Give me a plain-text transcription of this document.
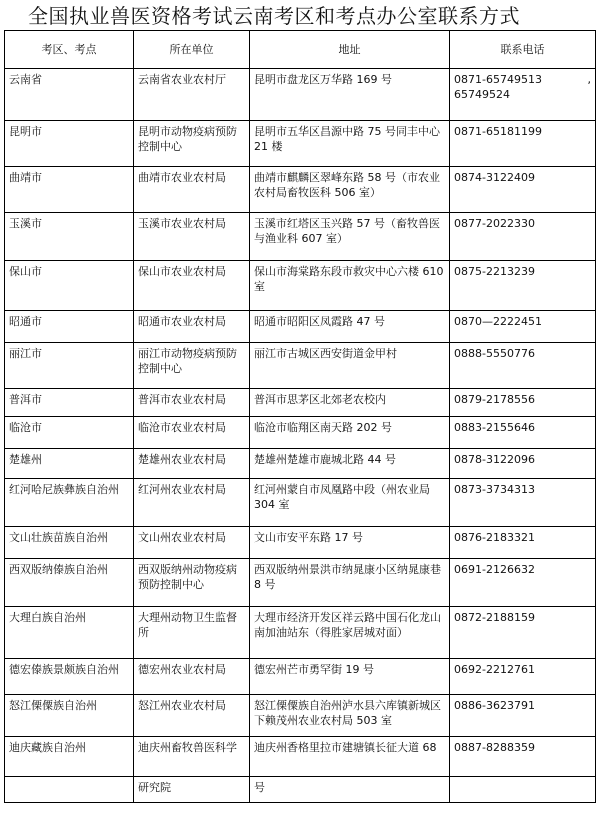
全国执业兽医资格考试云南考区和考点办公室联系方式
考区、考点	所在单位	地址	联系电话
云南省	云南省农业农村厅	昆明市盘龙区万华路 169 号	0871-65749513 ,
65749524

昆明市	昆明市动物疫病预防控制中心	昆明市五华区昌源中路 75 号同丰中心 21 楼	0871-65181199

曲靖市	曲靖市农业农村局	曲靖市麒麟区翠峰东路 58 号（市农业农村局畜牧医科 506 室）	0874-3122409

玉溪市	玉溪市农业农村局	玉溪市红塔区玉兴路 57 号（畜牧兽医与渔业科 607 室）	0877-2022330

保山市	保山市农业农村局	保山市海棠路东段市救灾中心六楼 610 室	0875-2213239

昭通市	昭通市农业农村局	昭通市昭阳区凤霞路 47 号	0870—2222451

丽江市	丽江市动物疫病预防控制中心	丽江市古城区西安街道金甲村	0888-5550776

普洱市	普洱市农业农村局	普洱市思茅区北郊老农校内	0879-2178556

临沧市	临沧市农业农村局	临沧市临翔区南天路 202 号	0883-2155646

楚雄州	楚雄州农业农村局	楚雄州楚雄市鹿城北路 44 号	0878-3122096

红河哈尼族彝族自治州	红河州农业农村局	红河州蒙自市凤凰路中段（州农业局 304 室	0873-3734313

文山壮族苗族自治州	文山州农业农村局	文山市安平东路 17 号	0876-2183321

西双版纳傣族自治州	西双版纳州动物疫病预防控制中心	西双版纳州景洪市纳晁康小区纳晁康巷 8 号	0691-2126632

大理白族自治州	大理州动物卫生监督所	大理市经济开发区祥云路中国石化龙山南加油站东（得胜家居城对面）	0872-2188159

德宏傣族景颇族自治州	德宏州农业农村局	德宏州芒市勇罕街 19 号	0692-2212761

怒江傈僳族自治州	怒江州农业农村局	怒江傈僳族自治州泸水县六库镇新城区下赖茂州农业农村局 503 室	0886-3623791

迪庆藏族自治州	迪庆州畜牧兽医科学	迪庆州香格里拉市建塘镇长征大道 68	0887-8288359

	研究院	号	
